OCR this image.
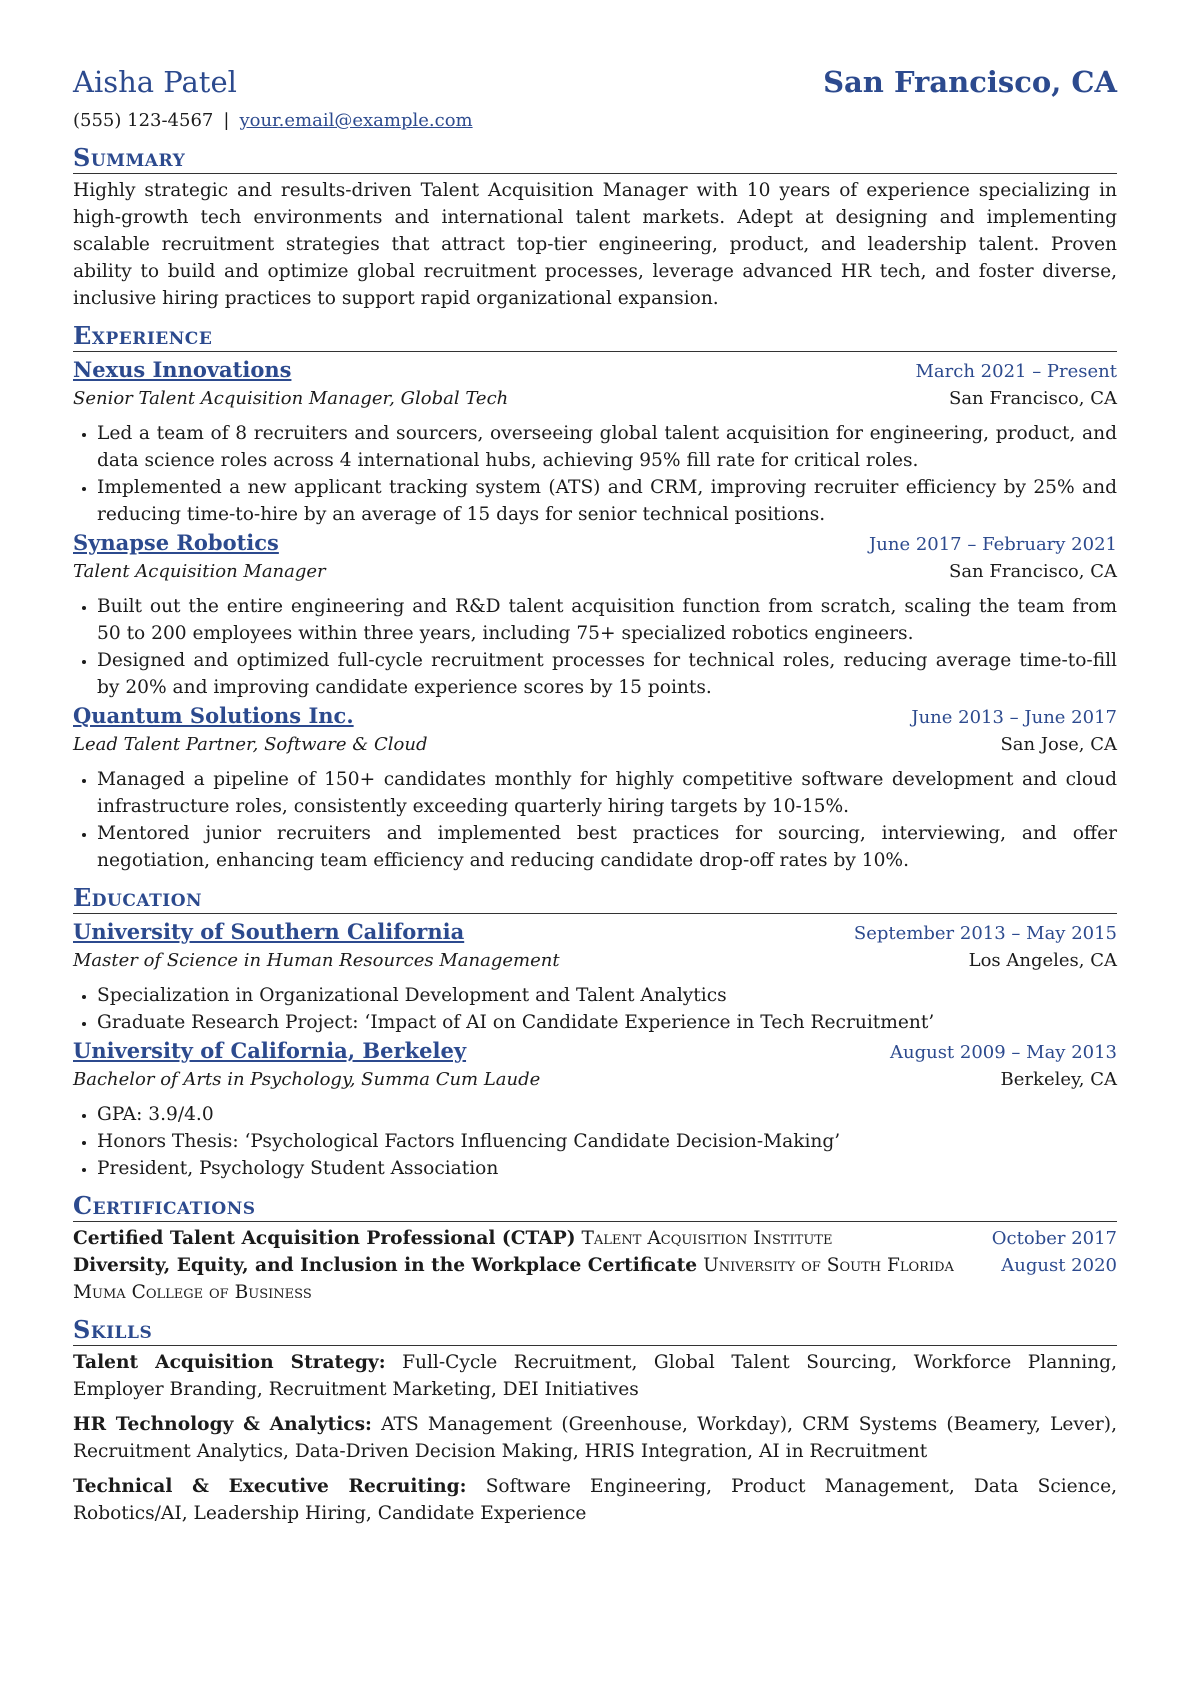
Aisha Patel	San Francisco, CA
(555) 123-4567 | your.email@example.com
Summary
Highly strategic and results-driven Talent Acquisition Manager with 10 years of experience specializing in high-growth tech environments and international talent markets. Adept at designing and implementing scalable recruitment strategies that attract top-tier engineering, product, and leadership talent. Proven ability to build and optimize global recruitment processes, leverage advanced HR tech, and foster diverse, inclusive hiring practices to support rapid organizational expansion.
Experience
Nexus Innovations	March 2021 – Present
Senior Talent Acquisition Manager, Global Tech	San Francisco, CA
• Led a team of 8 recruiters and sourcers, overseeing global talent acquisition for engineering, product, and data science roles across 4 international hubs, achieving 95% fill rate for critical roles.
• Implemented a new applicant tracking system (ATS) and CRM, improving recruiter efficiency by 25% and reducing time-to-hire by an average of 15 days for senior technical positions.
Synapse Robotics	June 2017 – February 2021
Talent Acquisition Manager	San Francisco, CA
• Built out the entire engineering and R&D talent acquisition function from scratch, scaling the team from 50 to 200 employees within three years, including 75+ specialized robotics engineers.
• Designed and optimized full-cycle recruitment processes for technical roles, reducing average time-to-fill by 20% and improving candidate experience scores by 15 points.
Quantum Solutions Inc.	June 2013 – June 2017
Lead Talent Partner, Software & Cloud	San Jose, CA
• Managed a pipeline of 150+ candidates monthly for highly competitive software development and cloud infrastructure roles, consistently exceeding quarterly hiring targets by 10-15%.
• Mentored junior recruiters and implemented best practices for sourcing, interviewing, and offer negotiation, enhancing team efficiency and reducing candidate drop-off rates by 10%.
Education
University of Southern California	September 2013 – May 2015
Master of Science in Human Resources Management	Los Angeles, CA
• Specialization in Organizational Development and Talent Analytics
• Graduate Research Project: ‘Impact of AI on Candidate Experience in Tech Recruitment’
University of California, Berkeley	August 2009 – May 2013
Bachelor of Arts in Psychology, Summa Cum Laude	Berkeley, CA
• GPA: 3.9/4.0
• Honors Thesis: ‘Psychological Factors Influencing Candidate Decision-Making’
• President, Psychology Student Association
Certifications
Certified Talent Acquisition Professional (CTAP) Talent Acquisition Institute	October 2017
Diversity, Equity, and Inclusion in the Workplace Certificate University of South Florida	August 2020
Muma College of Business
Skills
Talent Acquisition Strategy: Full-Cycle Recruitment, Global Talent Sourcing, Workforce Planning, Employer Branding, Recruitment Marketing, DEI Initiatives
HR Technology & Analytics: ATS Management (Greenhouse, Workday), CRM Systems (Beamery, Lever), Recruitment Analytics, Data-Driven Decision Making, HRIS Integration, AI in Recruitment
Technical & Executive Recruiting: Software Engineering, Product Management, Data Science, Robotics/AI, Leadership Hiring, Candidate Experience
